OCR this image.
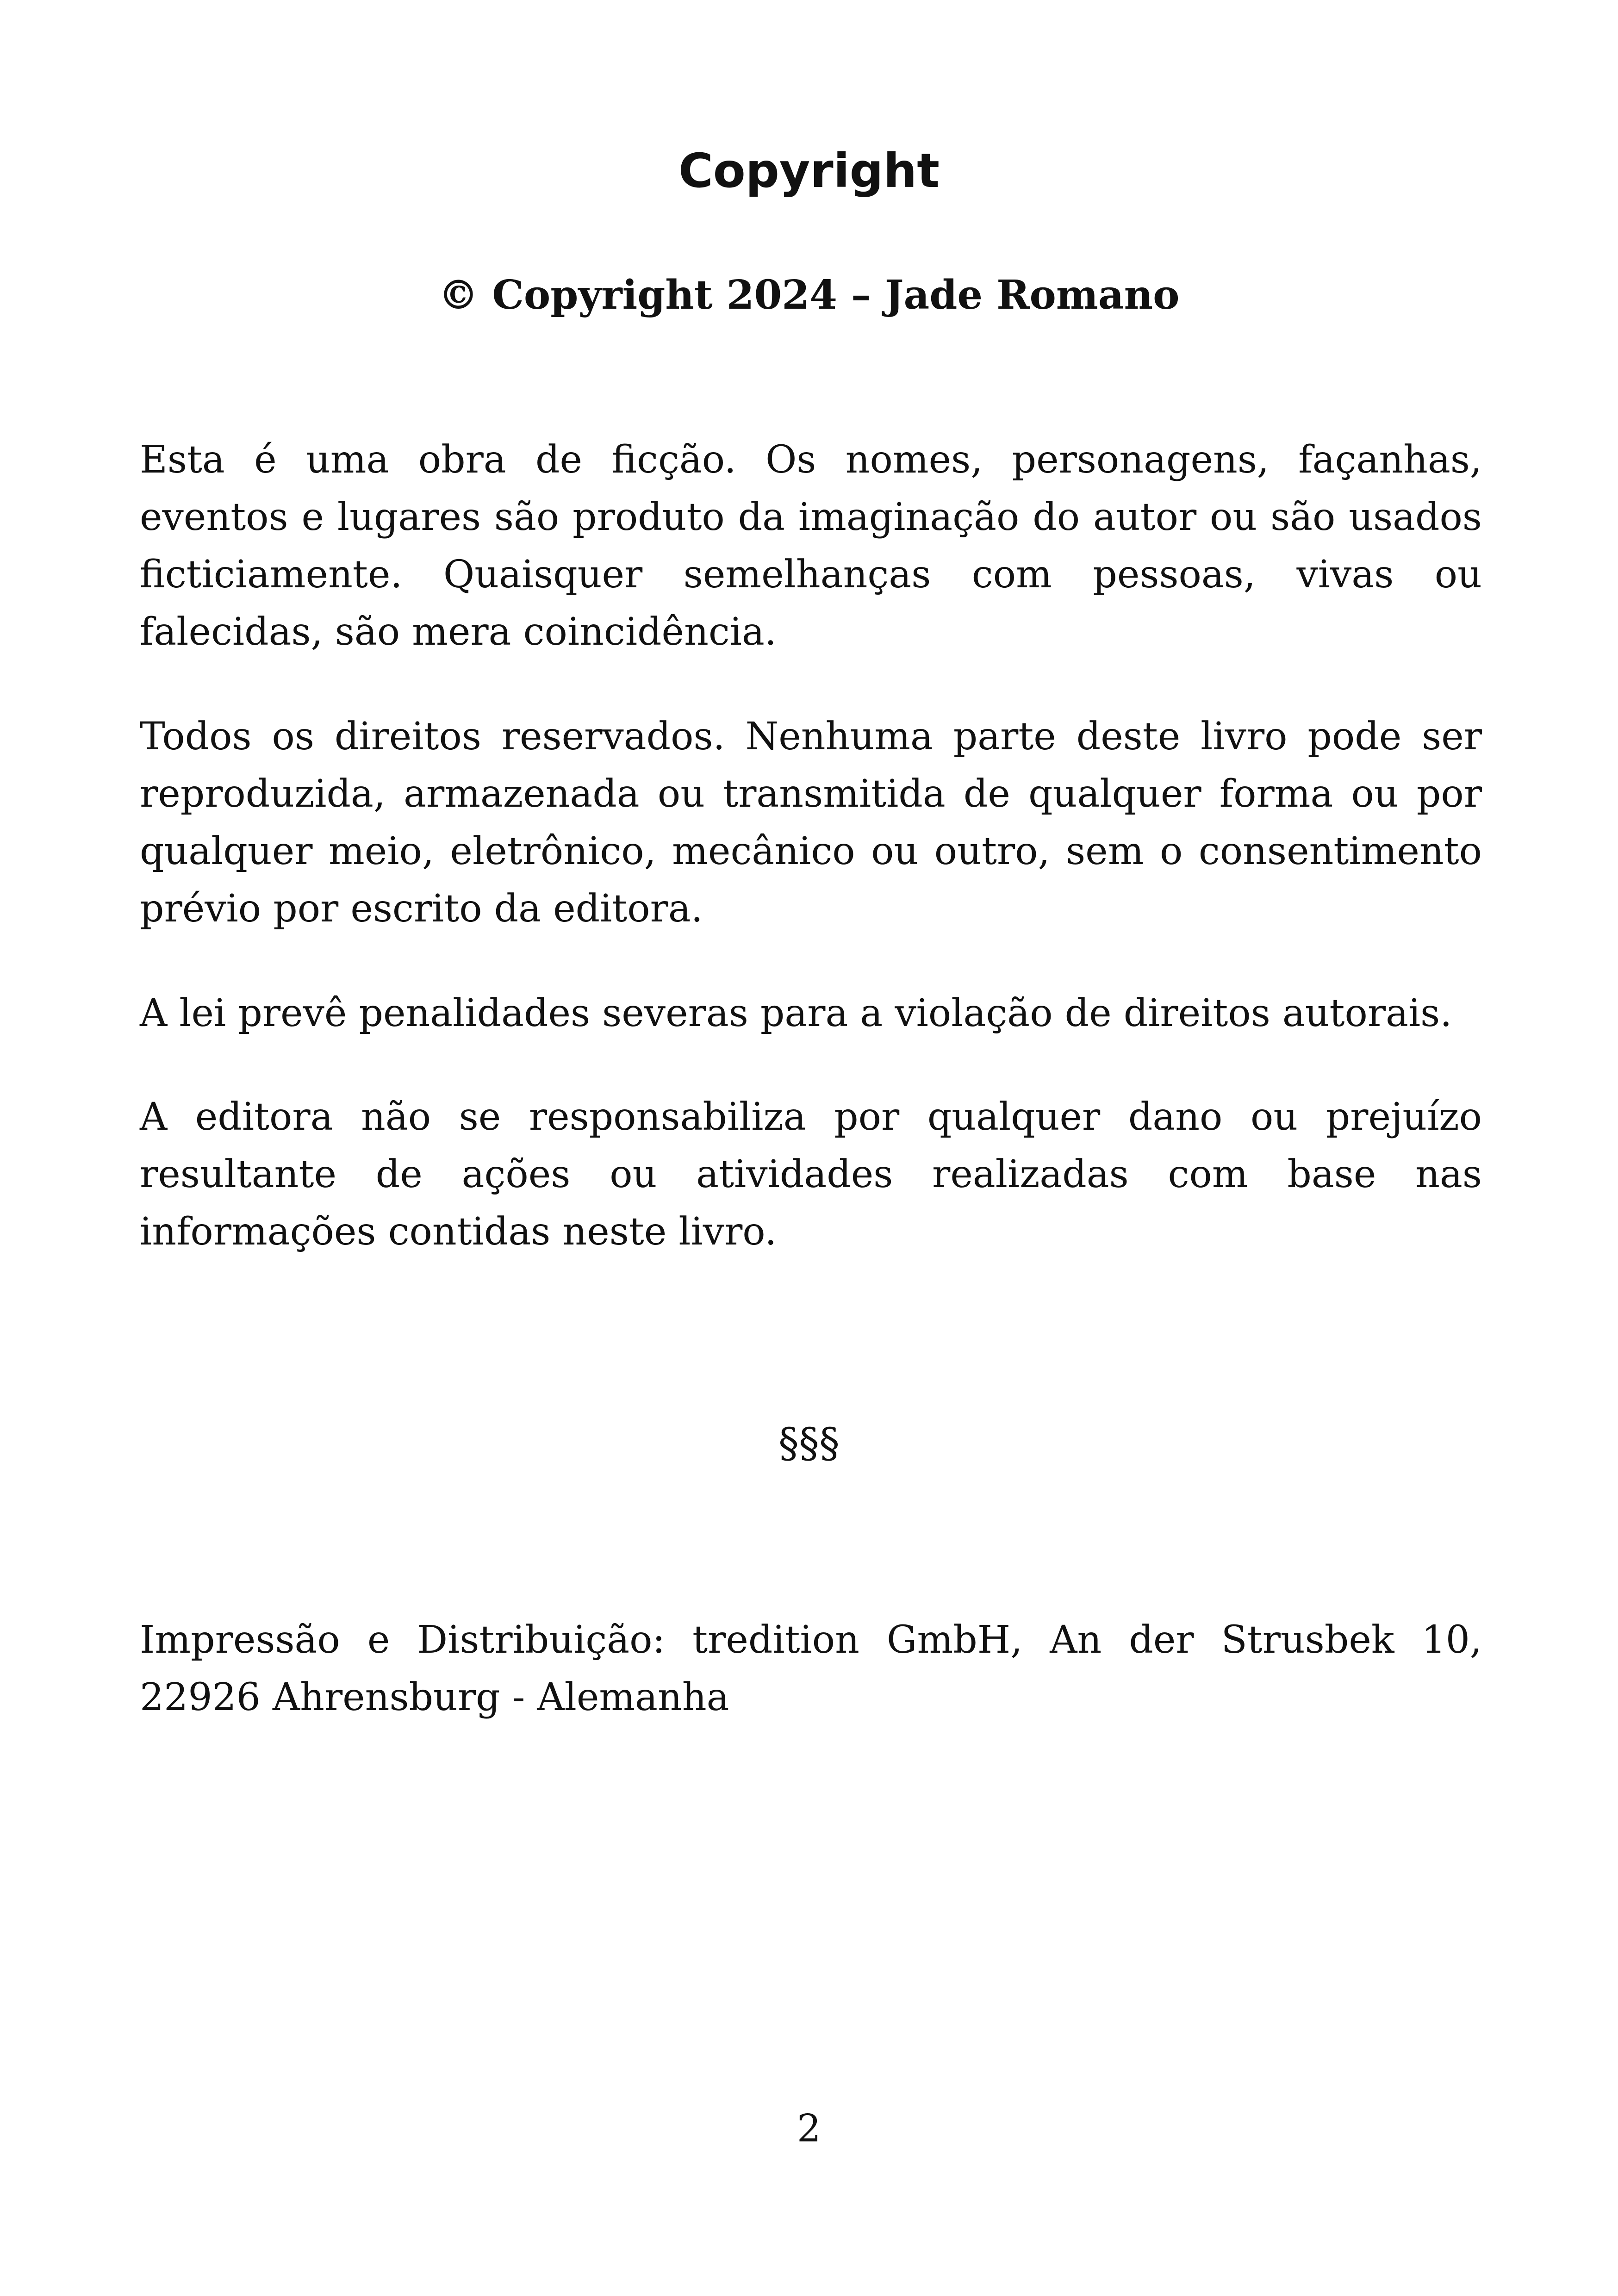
Copyright

© Copyright 2024 – Jade Romano

Esta é uma obra de ficção. Os nomes, personagens, façanhas, eventos e lugares são produto da imaginação do autor ou são usados ficticiamente. Quaisquer semelhanças com pessoas, vivas ou falecidas, são mera coincidência.

Todos os direitos reservados. Nenhuma parte deste livro pode ser reproduzida, armazenada ou transmitida de qualquer forma ou por qualquer meio, eletrônico, mecânico ou outro, sem o consentimento prévio por escrito da editora.

A lei prevê penalidades severas para a violação de direitos autorais.

A editora não se responsabiliza por qualquer dano ou prejuízo resultante de ações ou atividades realizadas com base nas informações contidas neste livro.

§§§

Impressão e Distribuição: tredition GmbH, An der Strusbek 10, 22926 Ahrensburg - Alemanha

2
